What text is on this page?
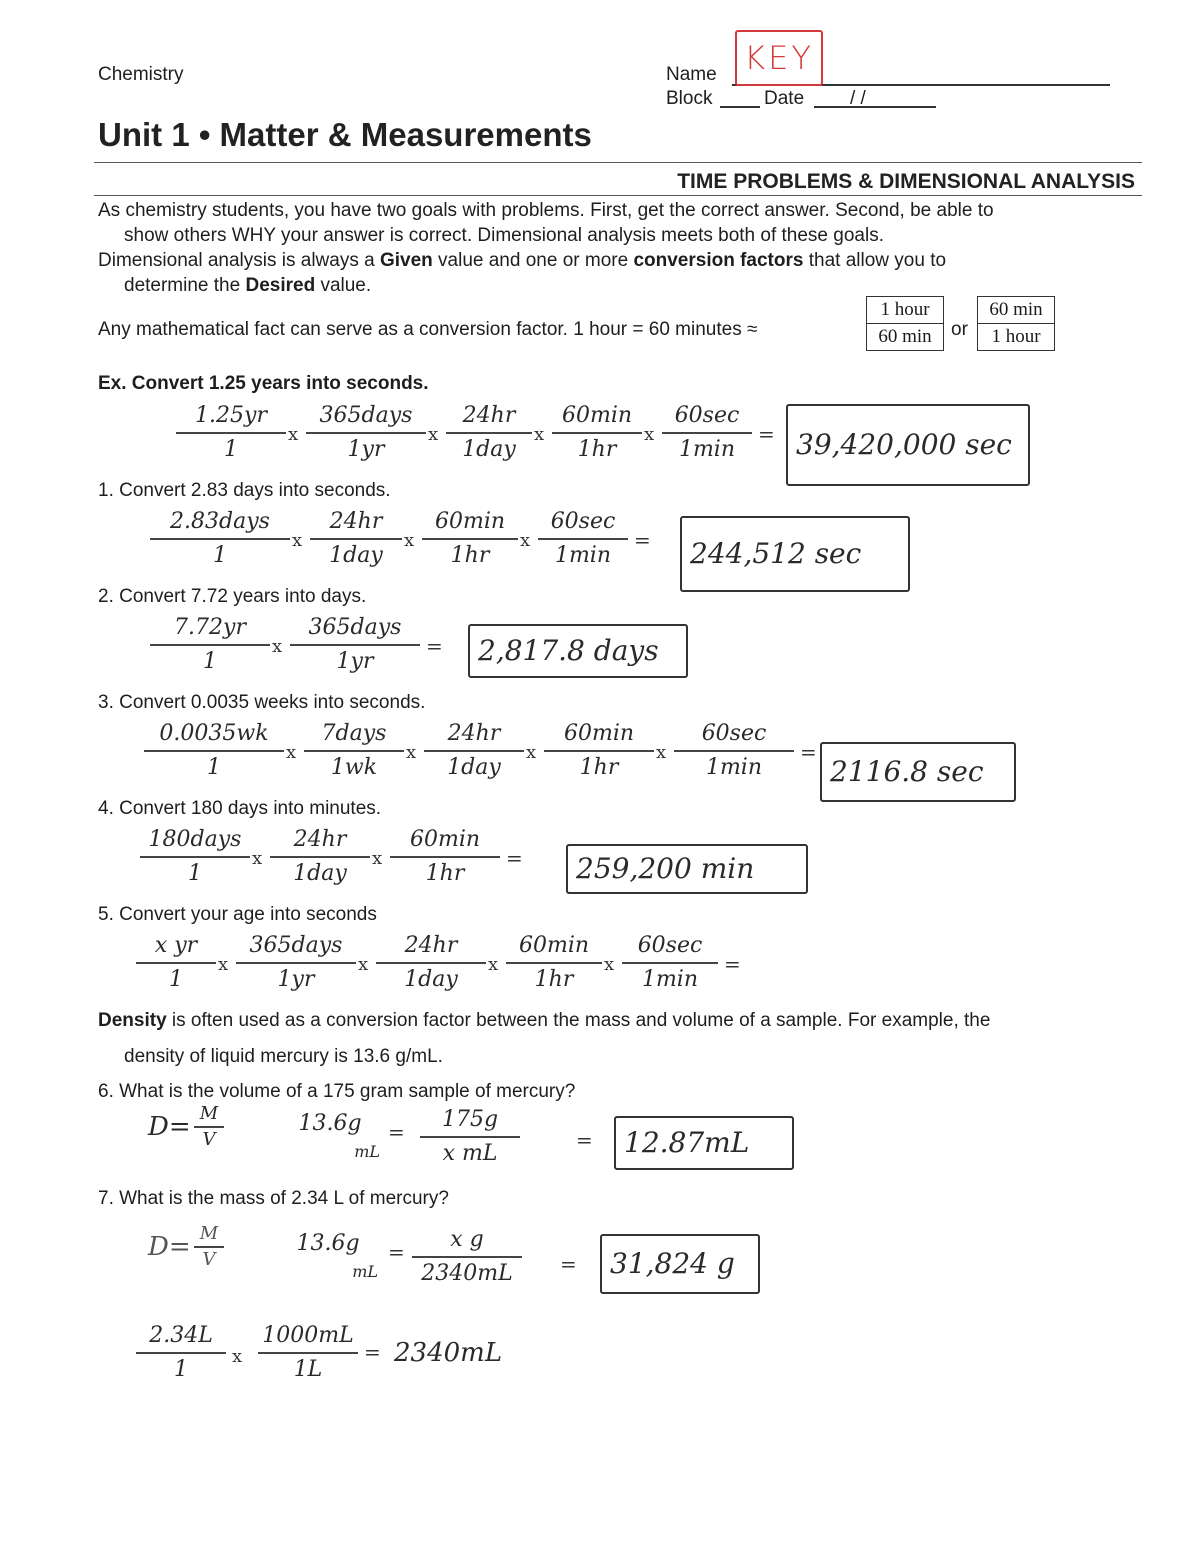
Chemistry	Name KEY
Block	Date / /
Unit 1 • Matter & Measurements
TIME PROBLEMS & DIMENSIONAL ANALYSIS
As chemistry students, you have two goals with problems. First, get the correct answer. Second, be able to
show others WHY your answer is correct. Dimensional analysis meets both of these goals.
Dimensional analysis is always a Given value and one or more conversion factors that allow you to
determine the Desired value.
Any mathematical fact can serve as a conversion factor. 1 hour = 60 minutes ≈
1 hour
60 min	or
60 min
1 hour
Ex. Convert 1.25 years into seconds.
1.25yr
1
x
365days
1yr
x
24hr
1day
x
60min
1hr
x
60sec
1min
= 39,420,000 sec
2.83days
1
x
24hr
1day
x
60min
1hr
x
60sec
1min
=	244,512 sec
7.72yr
1
x
365days
1yr
=	2,817.8 days
0.0035wk
1
x
7days
1wk
x
24hr
1day
x
60min
1hr
x
60sec
1min
=
2116.8 sec
180days
1
x
24hr
1day
x
60min
1hr
=	259,200 min
x yr
1
x
365days
1yr
x
24hr
1day
x
60min
1hr
x
60sec
1min
=
1. Convert 2.83 days into seconds.
2. Convert 7.72 years into days.
3. Convert 0.0035 weeks into seconds.
4. Convert 180 days into minutes.
5. Convert your age into seconds
Density is often used as a conversion factor between the mass and volume of a sample. For example, the
density of liquid mercury is 13.6 g/mL.
6. What is the volume of a 175 gram sample of mercury?
7. What is the mass of 2.34 L of mercury?
D= M
V
13.6g
mL
=	175g
x mL
=	12.87mL
D= M
V
13.6g
mL
=	x g
2340mL	=	31,824 g
2.34L
1	x
1000mL
1L
= 2340mL
